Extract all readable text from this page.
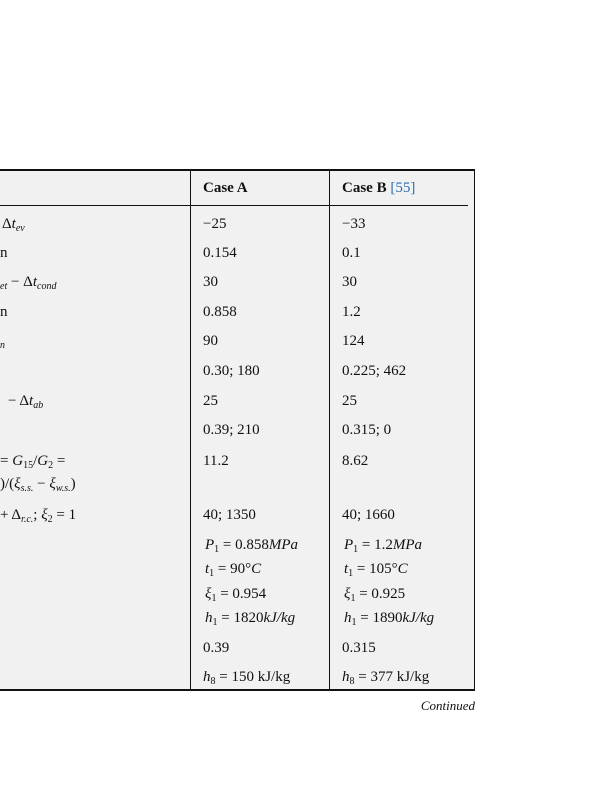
Case A	Case B [55]
$\Delta t_{ev}$
n
$_{et} - \Delta t_{cond}$
n
$_n$
− $\Delta t_{ab}$
= $G_{15}/G_2$ =
)$/(\xi_{s.s.} - \xi_{w.s.})$
+ $\Delta_{r.c.}$; $\xi_2 = 1$
−25
0.154
30
0.858
90
0.30; 180
25
0.39; 210
11.2
40; 1350
$P_1 = 0.858MPa$
$t_1 = 90^\circ C$
$\xi_1 = 0.954$
$h_1 = 1820kJ/kg$
0.39
$h_8 = 150$ kJ/kg
−33
0.1
30
1.2
124
0.225; 462
25
0.315; 0
8.62
40; 1660
$P_1 = 1.2MPa$
$t_1 = 105^\circ C$
$\xi_1 = 0.925$
$h_1 = 1890kJ/kg$
0.315
$h_8 = 377$ kJ/kg
Continued
